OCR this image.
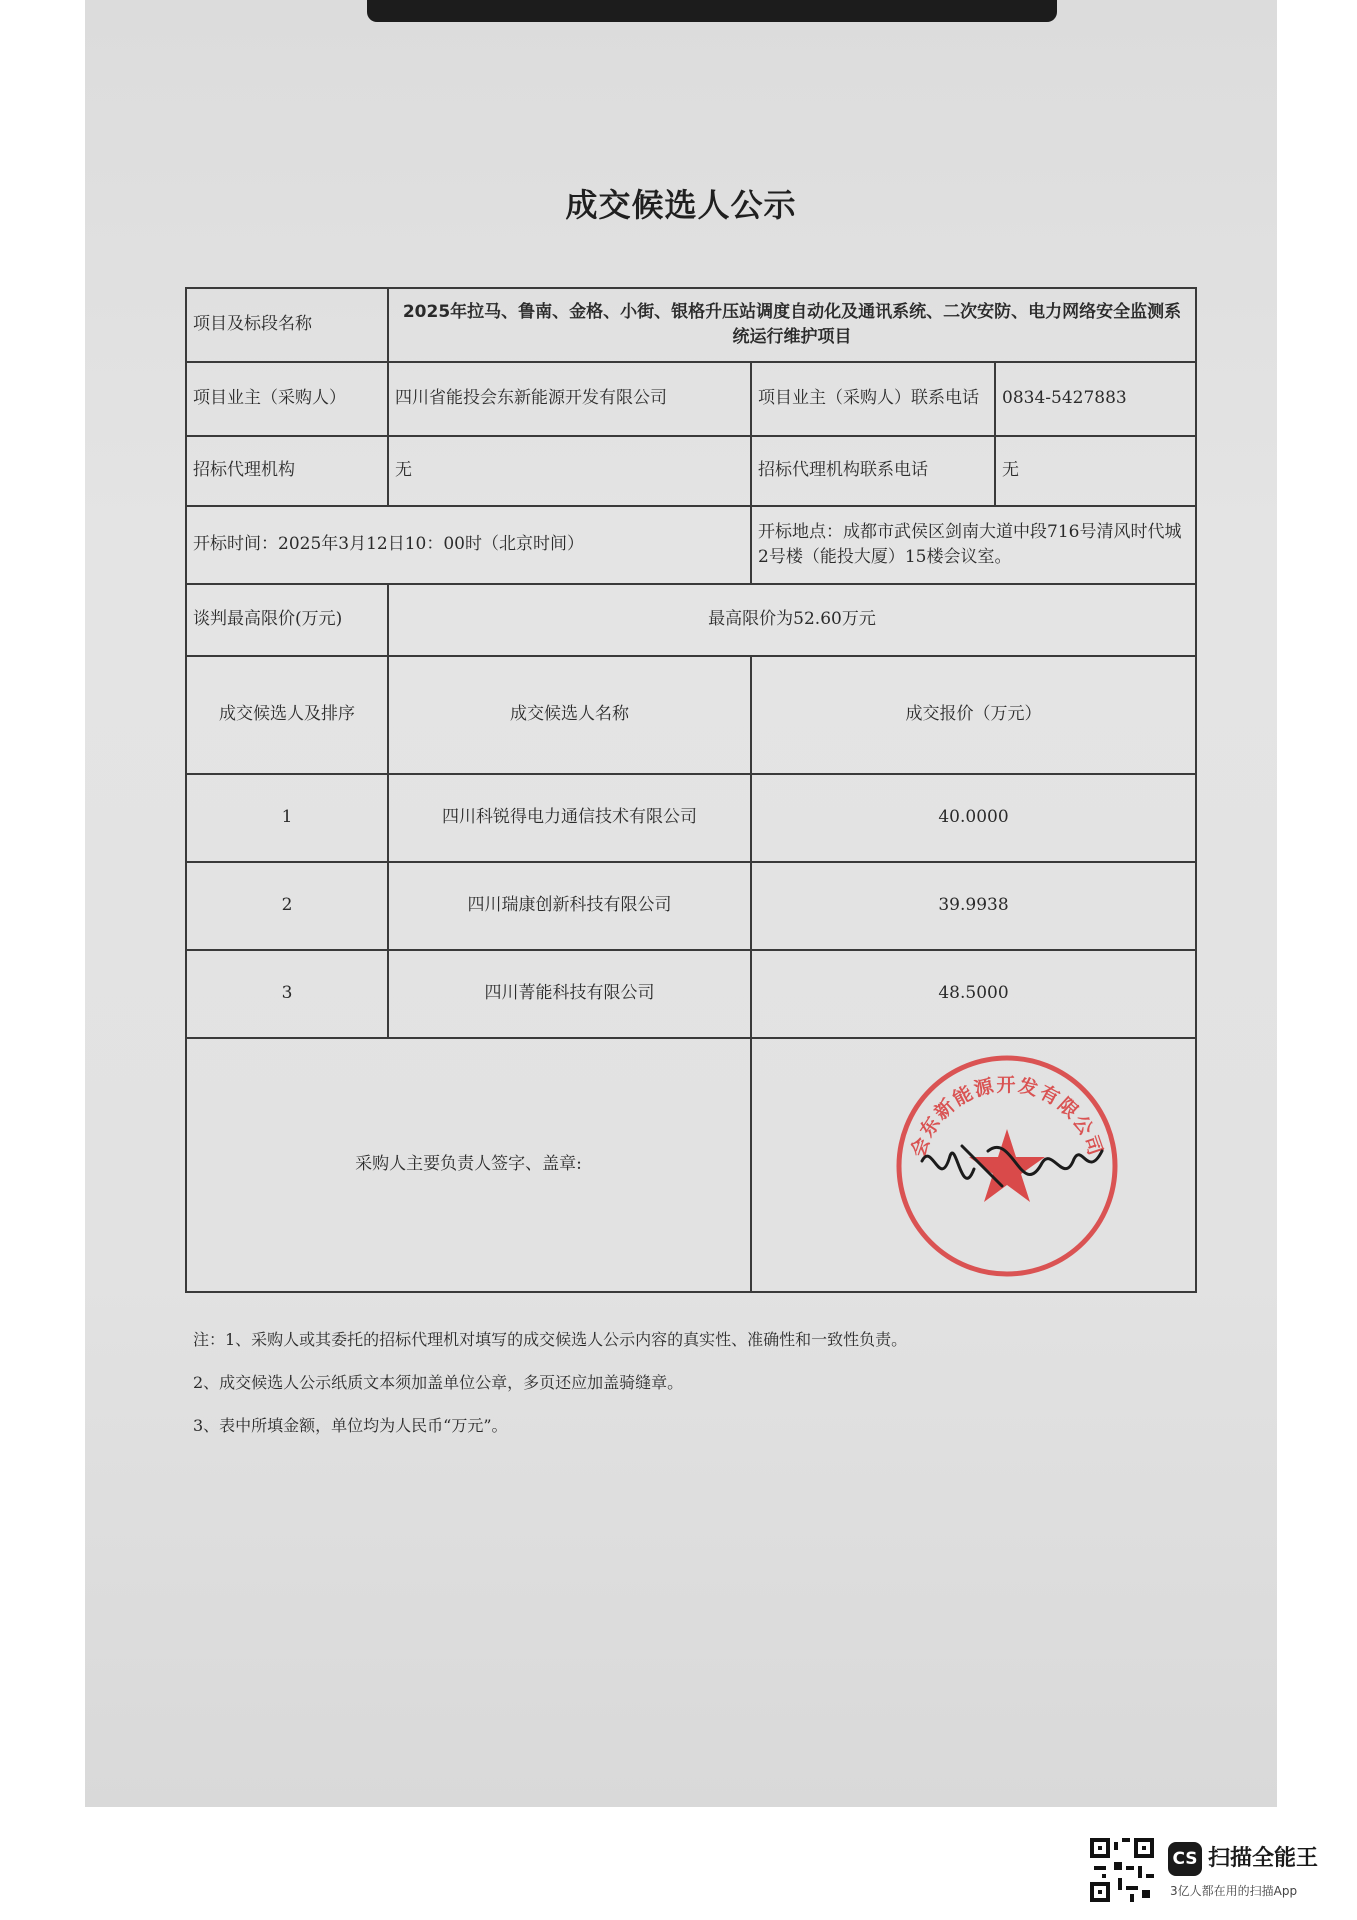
成交候选人公示
项目及标段名称	2025年拉马、鲁南、金格、小街、银格升压站调度自动化及通讯系统、二次安防、电力网络安全监测系统运行维护项目		
项目业主（采购人）	四川省能投会东新能源开发有限公司	项目业主（采购人）联系电话	0834-5427883
招标代理机构	无	招标代理机构联系电话	无
开标时间：2025年3月12日10：00时（北京时间）		开标地点：成都市武侯区剑南大道中段716号清风时代城2号楼（能投大厦）15楼会议室。	
谈判最高限价(万元)	最高限价为52.60万元		
成交候选人及排序	成交候选人名称	成交报价（万元）	
1	四川科锐得电力通信技术有限公司	40.0000	
2	四川瑞康创新科技有限公司	39.9938	
3	四川菁能科技有限公司	48.5000	
采购人主要负责人签字、盖章:		会东新能源开发有限公司	
注：1、采购人或其委托的招标代理机对填写的成交候选人公示内容的真实性、准确性和一致性负责。
2、成交候选人公示纸质文本须加盖单位公章，多页还应加盖骑缝章。
3、表中所填金额，单位均为人民币“万元”。
CS 扫描全能王
3亿人都在用的扫描App
